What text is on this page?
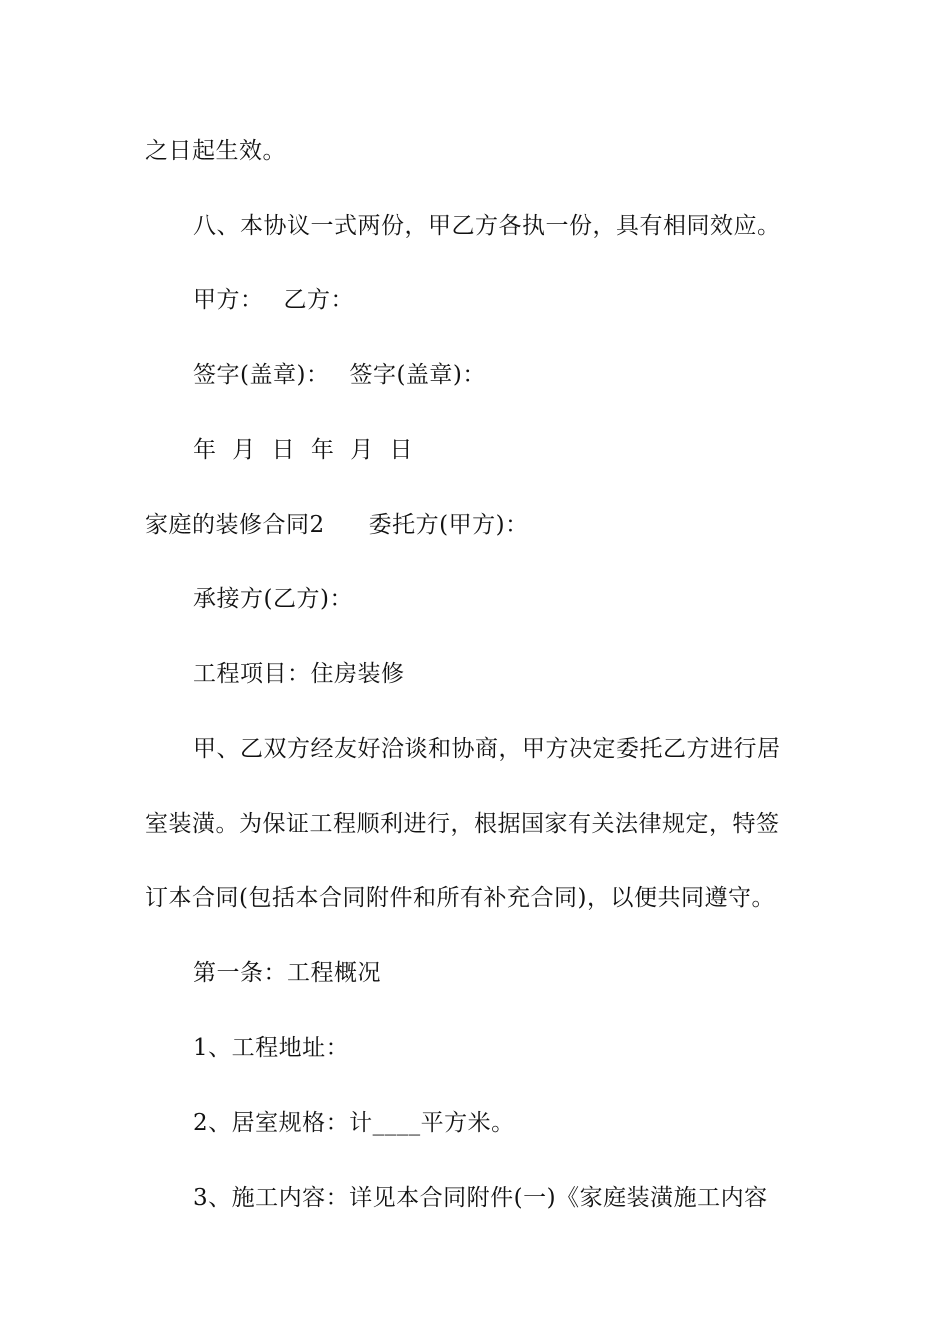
之日起生效。
八、本协议一式两份，甲乙方各执一份，具有相同效应。
甲方： 乙方：
签字(盖章)： 签字(盖章)：
年 月 日 年 月 日
家庭的装修合同2 委托方(甲方)：
承接方(乙方)：
工程项目：住房装修
甲、乙双方经友好洽谈和协商，甲方决定委托乙方进行居
室装潢。为保证工程顺利进行，根据国家有关法律规定，特签
订本合同(包括本合同附件和所有补充合同)，以便共同遵守。
第一条：工程概况
1、工程地址：
2、居室规格：计____平方米。
3、施工内容：详见本合同附件(一)《家庭装潢施工内容
